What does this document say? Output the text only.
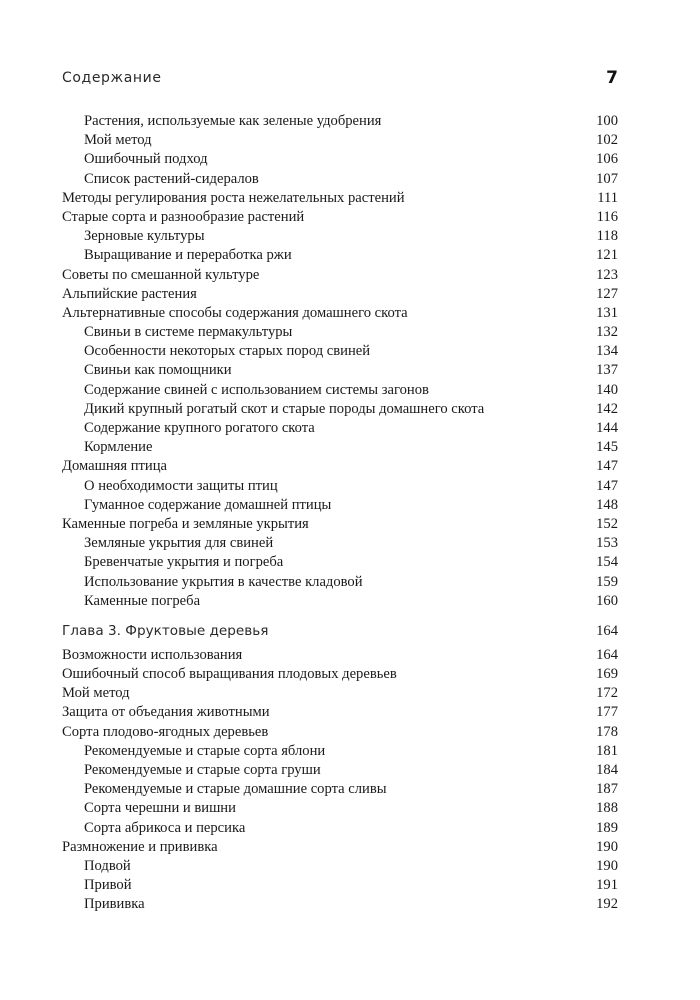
Содержание	7
Растения, используемые как зеленые удобрения	100
Мой метод	102
Ошибочный подход	106
Список растений-сидералов	107
Методы регулирования роста нежелательных растений	111
Старые сорта и разнообразие растений	116
Зерновые культуры	118
Выращивание и переработка ржи	121
Советы по смешанной культуре	123
Альпийские растения	127
Альтернативные способы содержания домашнего скота	131
Свиньи в системе пермакультуры	132
Особенности некоторых старых пород свиней	134
Свиньи как помощники	137
Содержание свиней с использованием системы загонов	140
Дикий крупный рогатый скот и старые породы домашнего скота	142
Содержание крупного рогатого скота	144
Кормление	145
Домашняя птица	147
О необходимости защиты птиц	147
Гуманное содержание домашней птицы	148
Каменные погреба и земляные укрытия	152
Земляные укрытия для свиней	153
Бревенчатые укрытия и погреба	154
Использование укрытия в качестве кладовой	159
Каменные погреба	160
Глава 3. Фруктовые деревья	164
Возможности использования	164
Ошибочный способ выращивания плодовых деревьев	169
Мой метод	172
Защита от объедания животными	177
Сорта плодово-ягодных деревьев	178
Рекомендуемые и старые сорта яблони	181
Рекомендуемые и старые сорта груши	184
Рекомендуемые и старые домашние сорта сливы	187
Сорта черешни и вишни	188
Сорта абрикоса и персика	189
Размножение и прививка	190
Подвой	190
Привой	191
Прививка	192
